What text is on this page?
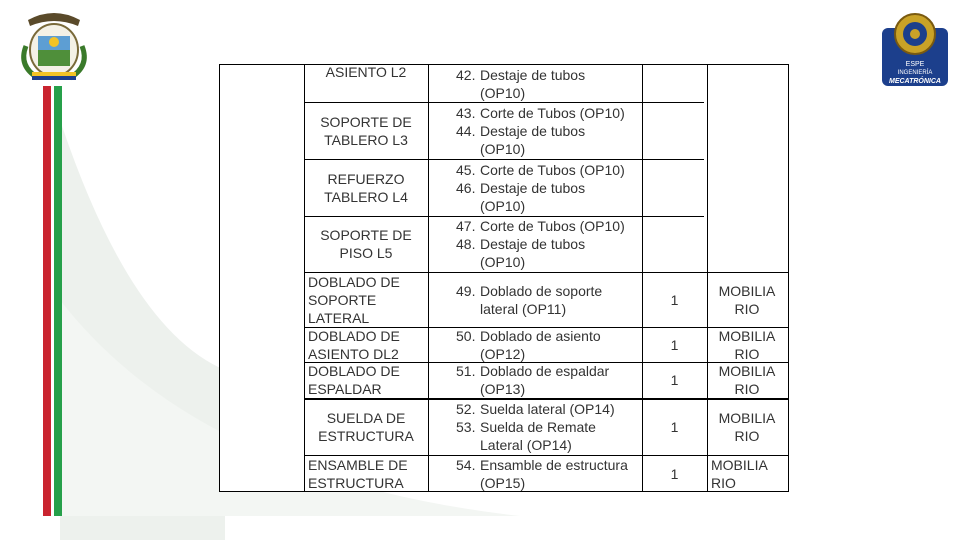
ESPE
INGENIERÍA
MECATRÓNICA
ASIENTO L2	42. Destaje de tubos
(OP10)
SOPORTE DE
TABLERO L3
43. Corte de Tubos (OP10)
44. Destaje de tubos
(OP10)
REFUERZO
TABLERO L4
45. Corte de Tubos (OP10)
46. Destaje de tubos
(OP10)
SOPORTE DE
PISO L5
47. Corte de Tubos (OP10)
48. Destaje de tubos
(OP10)
DOBLADO DE
SOPORTE
LATERAL
49. Doblado de soporte
lateral (OP11)
1
MOBILIA
RIO
DOBLADO DE
ASIENTO DL2
50. Doblado de asiento
(OP12)
1
MOBILIA
RIO
DOBLADO DE
ESPALDAR
51. Doblado de espaldar
(OP13)
1
MOBILIA
RIO
SUELDA DE
ESTRUCTURA
52. Suelda lateral (OP14)
53. Suelda de Remate
Lateral (OP14)
1
MOBILIA
RIO
ENSAMBLE DE
ESTRUCTURA
54. Ensamble de estructura
(OP15)
1
MOBILIA
RIO
